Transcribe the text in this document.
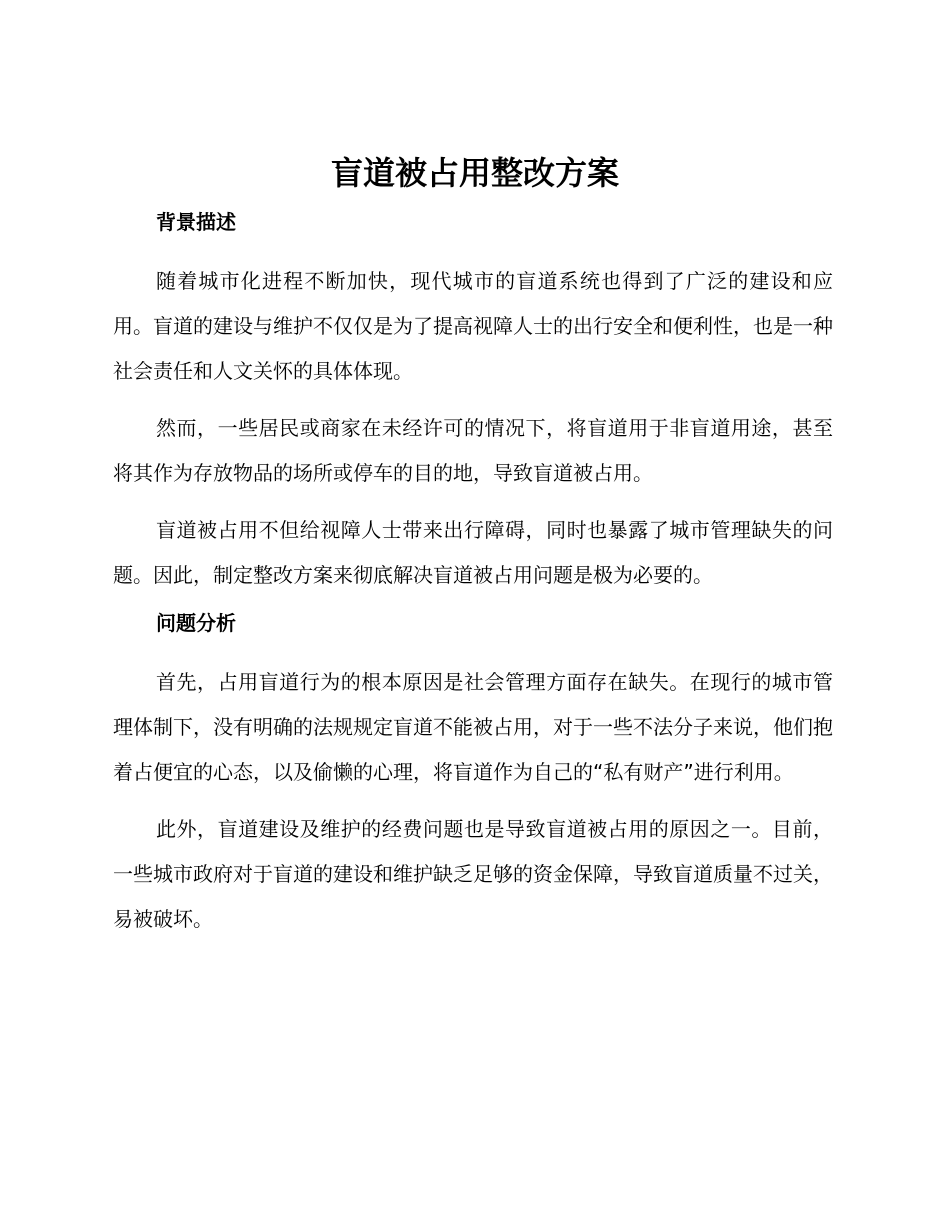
盲道被占用整改方案
背景描述

随着城市化进程不断加快，现代城市的盲道系统也得到了广泛的建设和应用。盲道的建设与维护不仅仅是为了提高视障人士的出行安全和便利性，也是一种社会责任和人文关怀的具体体现。

然而，一些居民或商家在未经许可的情况下，将盲道用于非盲道用途，甚至将其作为存放物品的场所或停车的目的地，导致盲道被占用。

盲道被占用不但给视障人士带来出行障碍，同时也暴露了城市管理缺失的问题。因此，制定整改方案来彻底解决盲道被占用问题是极为必要的。

问题分析

首先，占用盲道行为的根本原因是社会管理方面存在缺失。在现行的城市管理体制下，没有明确的法规规定盲道不能被占用，对于一些不法分子来说，他们抱着占便宜的心态，以及偷懒的心理，将盲道作为自己的“私有财产”进行利用。

此外，盲道建设及维护的经费问题也是导致盲道被占用的原因之一。目前，一些城市政府对于盲道的建设和维护缺乏足够的资金保障，导致盲道质量不过关，易被破坏。
